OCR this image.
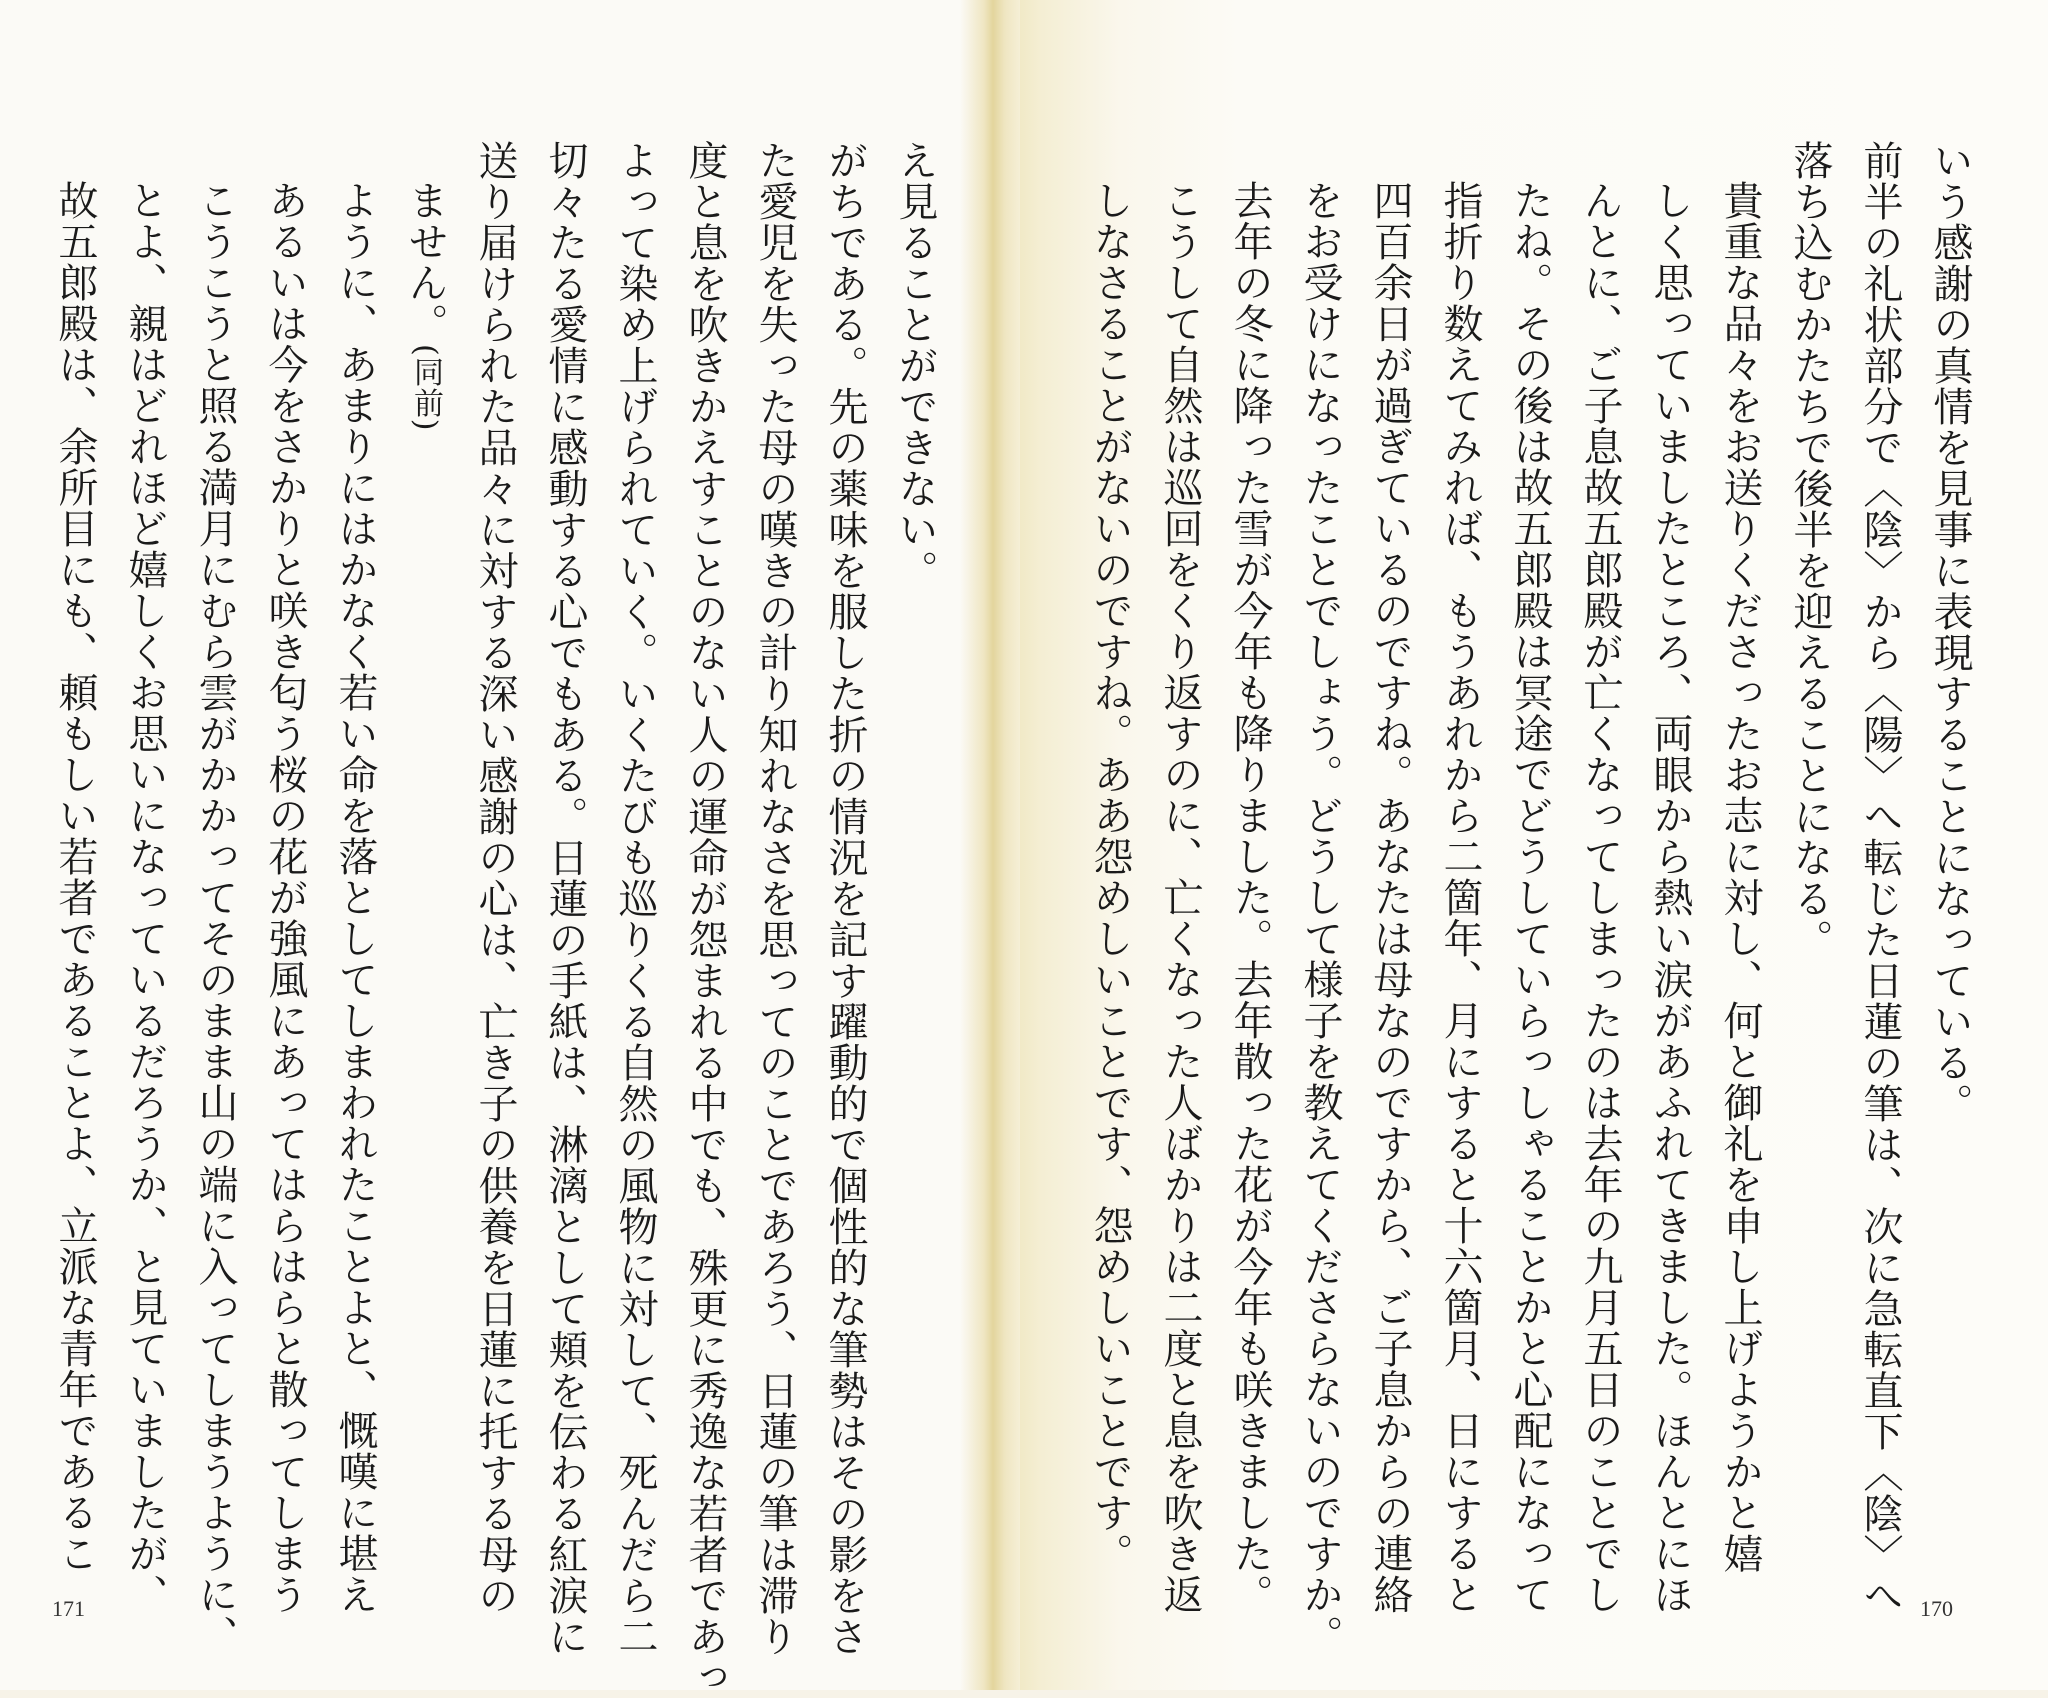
いう感謝の真情を見事に表現することになっている。
前半の礼状部分で〈陰〉から〈陽〉へ転じた日蓮の筆は、次に急転直下〈陰〉へ
落ち込むかたちで後半を迎えることになる。
貴重な品々をお送りくださったお志に対し、何と御礼を申し上げようかと嬉
しく思っていましたところ、両眼から熱い涙があふれてきました。ほんとにほ
んとに、ご子息故五郎殿が亡くなってしまったのは去年の九月五日のことでし
たね。その後は故五郎殿は冥途でどうしていらっしゃることかと心配になって
指折り数えてみれば、もうあれから二箇年、月にすると十六箇月、日にすると
四百余日が過ぎているのですね。あなたは母なのですから、ご子息からの連絡
をお受けになったことでしょう。どうして様子を教えてくださらないのですか。
去年の冬に降った雪が今年も降りました。去年散った花が今年も咲きました。
こうして自然は巡回をくり返すのに、亡くなった人ばかりは二度と息を吹き返
しなさることがないのですね。ああ怨めしいことです、怨めしいことです。
170
え見ることができない。
がちである。先の薬味を服した折の情況を記す躍動的で個性的な筆勢はその影をさ
た愛児を失った母の嘆きの計り知れなさを思ってのことであろう、日蓮の筆は滞り
度と息を吹きかえすことのない人の運命が怨まれる中でも、殊更に秀逸な若者であっ
よって染め上げられていく。いくたびも巡りくる自然の風物に対して、死んだら二
切々たる愛情に感動する心でもある。日蓮の手紙は、淋漓として頬を伝わる紅涙に
送り届けられた品々に対する深い感謝の心は、亡き子の供養を日蓮に托する母の
ません。(同前)
ように、あまりにはかなく若い命を落としてしまわれたことよと、慨嘆に堪え
あるいは今をさかりと咲き匂う桜の花が強風にあってはらはらと散ってしまう
こうこうと照る満月にむら雲がかかってそのまま山の端に入ってしまうように、
とよ、親はどれほど嬉しくお思いになっているだろうか、と見ていましたが、
故五郎殿は、余所目にも、頼もしい若者であることよ、立派な青年であるこ
171
